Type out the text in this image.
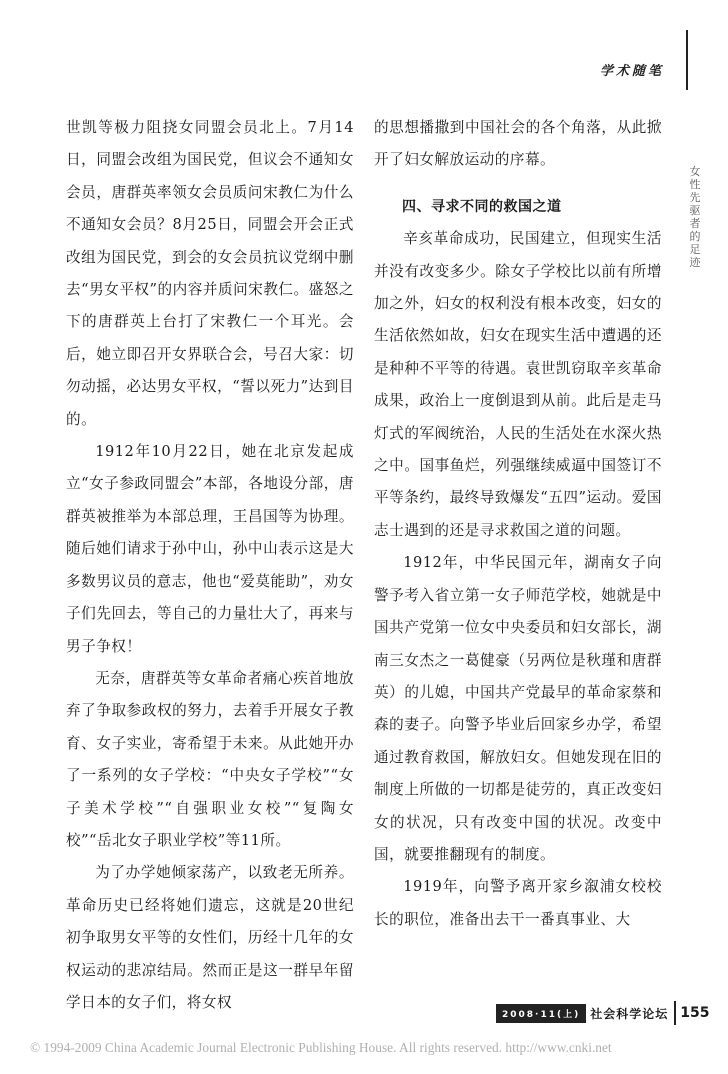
学术随笔
女性先驱者的足迹

世凯等极力阻挠女同盟会员北上。7月14日，同盟会改组为国民党，但议会不通知女会员，唐群英率领女会员质问宋教仁为什么不通知女会员？8月25日，同盟会开会正式改组为国民党，到会的女会员抗议党纲中删去“男女平权”的内容并质问宋教仁。盛怒之下的唐群英上台打了宋教仁一个耳光。会后，她立即召开女界联合会，号召大家：切勿动摇，必达男女平权，“誓以死力”达到目的。

1912年10月22日，她在北京发起成立“女子参政同盟会”本部，各地设分部，唐群英被推举为本部总理，王昌国等为协理。随后她们请求于孙中山，孙中山表示这是大多数男议员的意志，他也“爱莫能助”，劝女子们先回去，等自己的力量壮大了，再来与男子争权！

无奈，唐群英等女革命者痛心疾首地放弃了争取参政权的努力，去着手开展女子教育、女子实业，寄希望于未来。从此她开办了一系列的女子学校：“中央女子学校”“女子美术学校”“自强职业女校”“复陶女校”“岳北女子职业学校”等11所。

为了办学她倾家荡产，以致老无所养。革命历史已经将她们遗忘，这就是20世纪初争取男女平等的女性们，历经十几年的女权运动的悲凉结局。然而正是这一群早年留学日本的女子们，将女权

的思想播撒到中国社会的各个角落，从此掀开了妇女解放运动的序幕。

四、寻求不同的救国之道

辛亥革命成功，民国建立，但现实生活并没有改变多少。除女子学校比以前有所增加之外，妇女的权利没有根本改变，妇女的生活依然如故，妇女在现实生活中遭遇的还是种种不平等的待遇。袁世凯窃取辛亥革命成果，政治上一度倒退到从前。此后是走马灯式的军阀统治，人民的生活处在水深火热之中。国事鱼烂，列强继续威逼中国签订不平等条约，最终导致爆发“五四”运动。爱国志士遇到的还是寻求救国之道的问题。

1912年，中华民国元年，湖南女子向警予考入省立第一女子师范学校，她就是中国共产党第一位女中央委员和妇女部长，湖南三女杰之一葛健豪（另两位是秋瑾和唐群英）的儿媳，中国共产党最早的革命家蔡和森的妻子。向警予毕业后回家乡办学，希望通过教育救国，解放妇女。但她发现在旧的制度上所做的一切都是徒劳的，真正改变妇女的状况，只有改变中国的状况。改变中国，就要推翻现有的制度。

1919年，向警予离开家乡溆浦女校校长的职位，准备出去干一番真事业、大

2008·11(上) 社会科学论坛 155
© 1994-2009 China Academic Journal Electronic Publishing House. All rights reserved. http://www.cnki.net
